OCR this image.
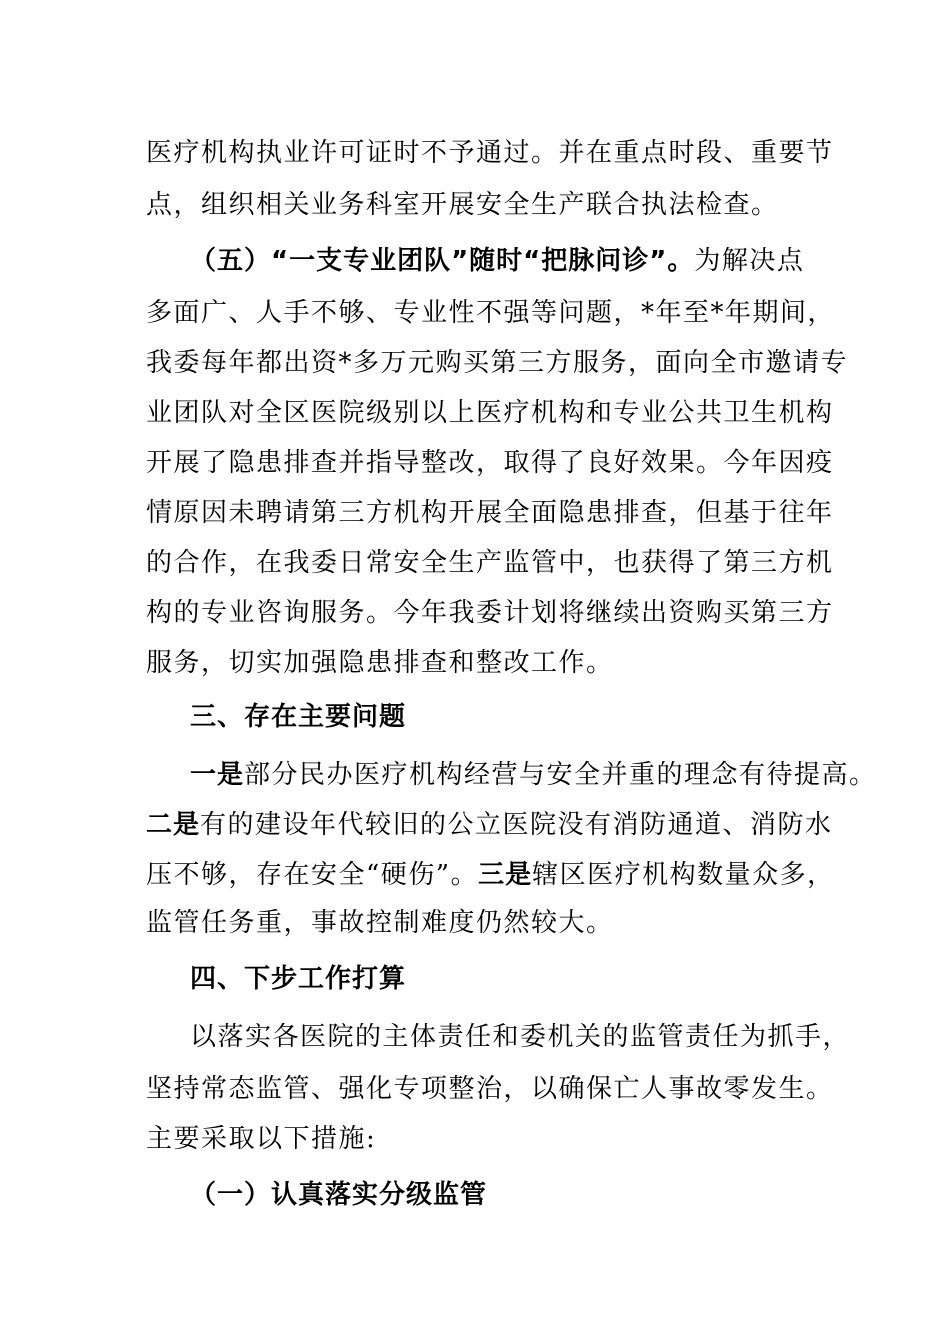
医疗机构执业许可证时不予通过。并在重点时段、重要节
点，组织相关业务科室开展安全生产联合执法检查。
（五）“一支专业团队”随时“把脉问诊”。为解决点
多面广、人手不够、专业性不强等问题，*年至*年期间，
我委每年都出资*多万元购买第三方服务，面向全市邀请专
业团队对全区医院级别以上医疗机构和专业公共卫生机构
开展了隐患排查并指导整改，取得了良好效果。今年因疫
情原因未聘请第三方机构开展全面隐患排查，但基于往年
的合作，在我委日常安全生产监管中，也获得了第三方机
构的专业咨询服务。今年我委计划将继续出资购买第三方
服务，切实加强隐患排查和整改工作。
三、存在主要问题
一是部分民办医疗机构经营与安全并重的理念有待提高。
二是有的建设年代较旧的公立医院没有消防通道、消防水
压不够，存在安全“硬伤”。三是辖区医疗机构数量众多，
监管任务重，事故控制难度仍然较大。
四、下步工作打算
以落实各医院的主体责任和委机关的监管责任为抓手，
坚持常态监管、强化专项整治，以确保亡人事故零发生。
主要采取以下措施:
（一）认真落实分级监管
